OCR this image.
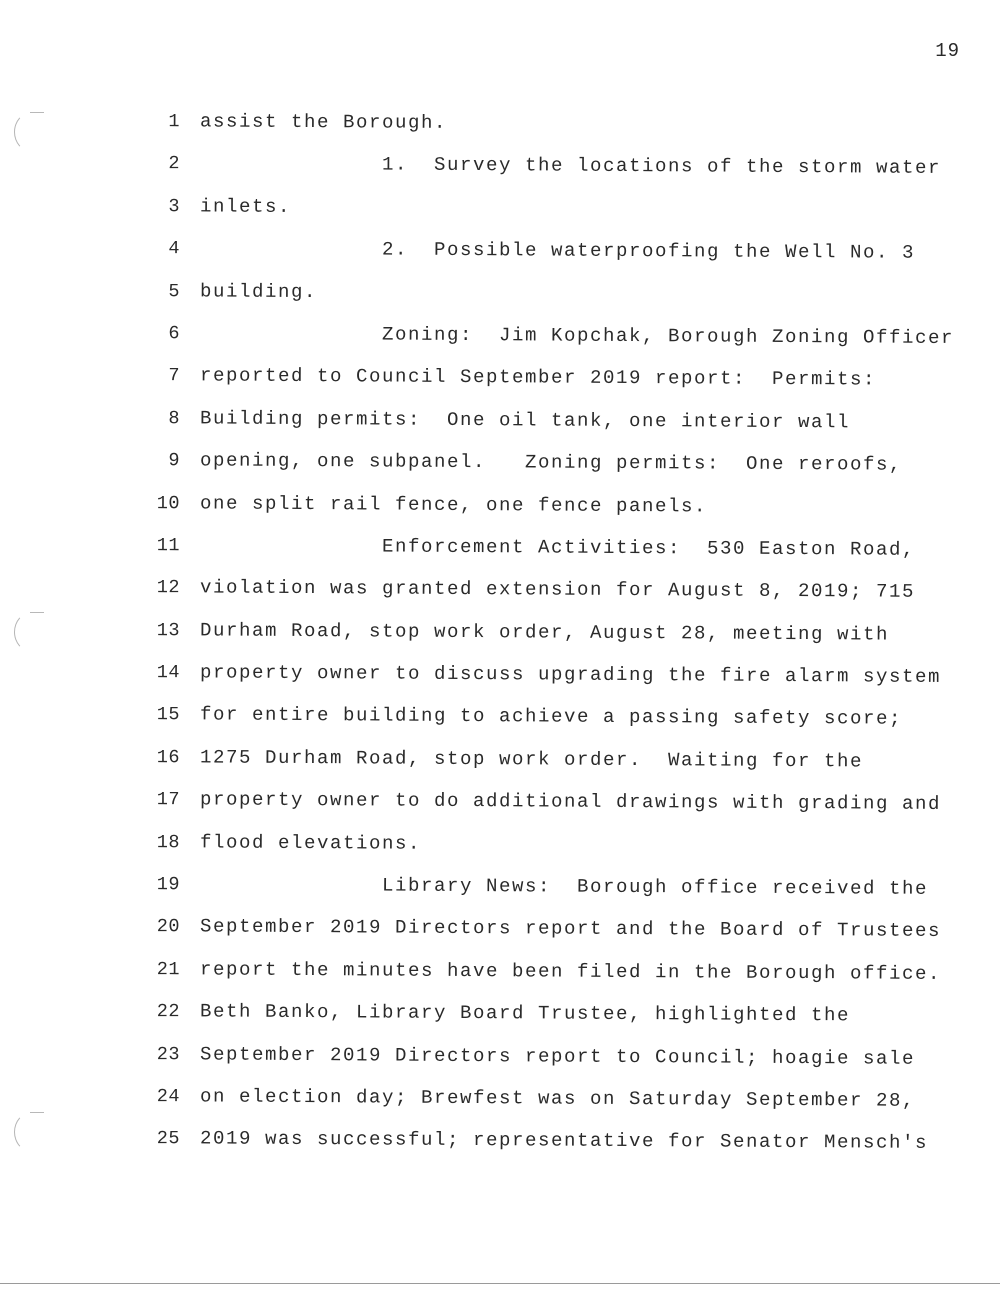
19
1 assist the Borough.
2 1.  Survey the locations of the storm water
3 inlets.
4 2.  Possible waterproofing the Well No. 3
5 building.
6 Zoning:  Jim Kopchak, Borough Zoning Officer
7 reported to Council September 2019 report:  Permits:
8 Building permits:  One oil tank, one interior wall
9 opening, one subpanel.   Zoning permits:  One reroofs,
10 one split rail fence, one fence panels.
11 Enforcement Activities:  530 Easton Road,
12 violation was granted extension for August 8, 2019; 715
13 Durham Road, stop work order, August 28, meeting with
14 property owner to discuss upgrading the fire alarm system
15 for entire building to achieve a passing safety score;
16 1275 Durham Road, stop work order.  Waiting for the
17 property owner to do additional drawings with grading and
18 flood elevations.
19 Library News:  Borough office received the
20 September 2019 Directors report and the Board of Trustees
21 report the minutes have been filed in the Borough office.
22 Beth Banko, Library Board Trustee, highlighted the
23 September 2019 Directors report to Council; hoagie sale
24 on election day; Brewfest was on Saturday September 28,
25 2019 was successful; representative for Senator Mensch's
